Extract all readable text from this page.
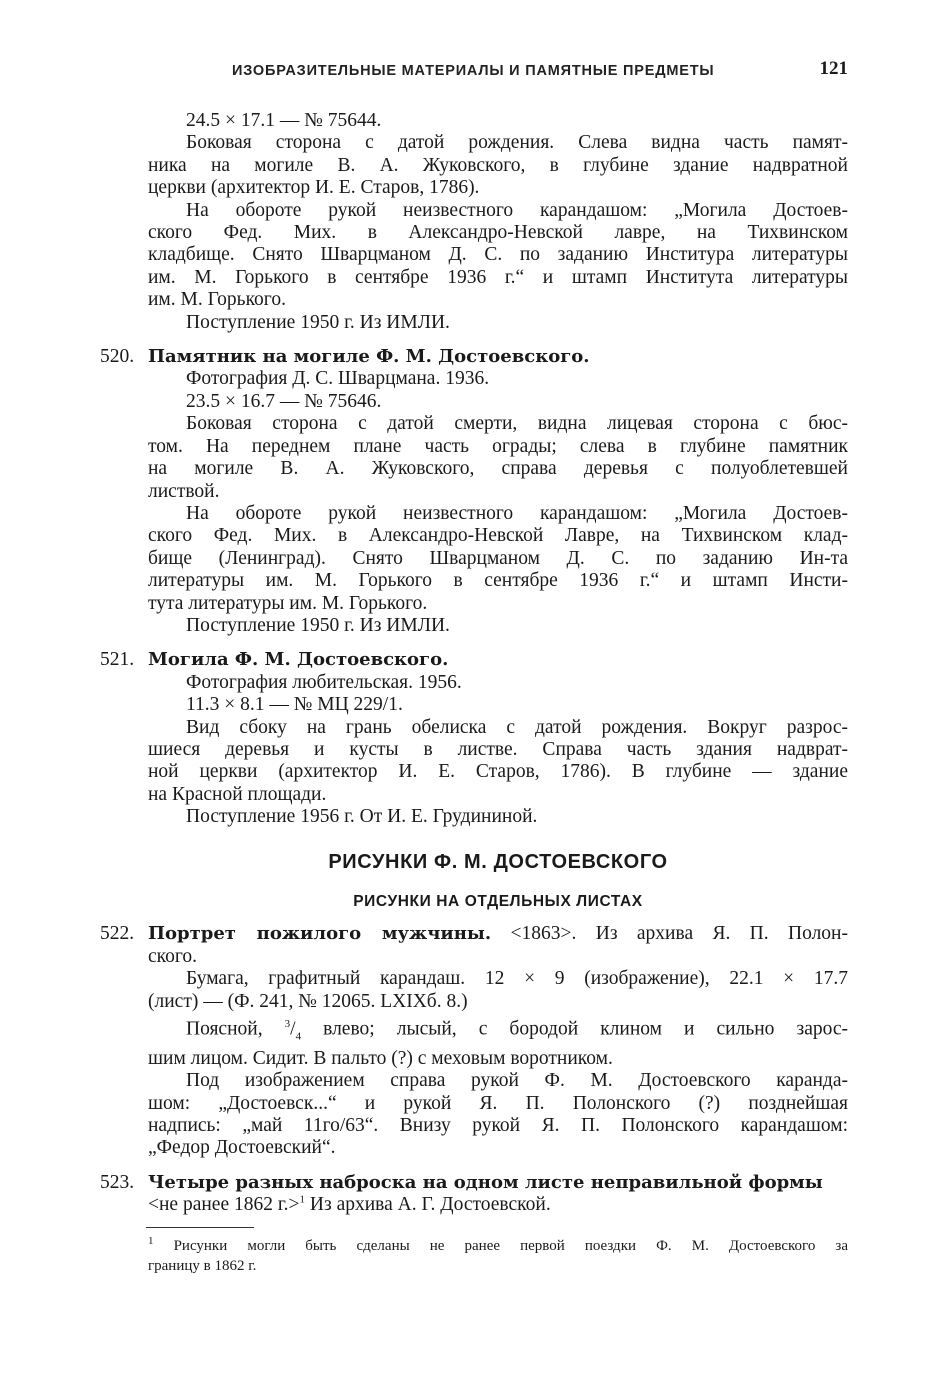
ИЗОБРАЗИТЕЛЬНЫЕ МАТЕРИАЛЫ И ПАМЯТНЫЕ ПРЕДМЕТЫ	121
24.5 × 17.1 — № 75644.
Боковая сторона с датой рождения. Слева видна часть памят-
ника на могиле В. А. Жуковского, в глубине здание надвратной
церкви (архитектор И. Е. Старов, 1786).
На обороте рукой неизвестного карандашом: „Могила Достоев-
ского Фед. Мих. в Александро-Невской лавре, на Тихвинском
кладбище. Снято Шварцманом Д. С. по заданию Институра литературы
им. М. Горького в сентябре 1936 г.“ и штамп Института литературы
им. М. Горького.
Поступление 1950 г. Из ИМЛИ.
520. Памятник на могиле Ф. М. Достоевского.
Фотография Д. С. Шварцмана. 1936.
23.5 × 16.7 — № 75646.
Боковая сторона с датой смерти, видна лицевая сторона с бюс-
том. На переднем плане часть ограды; слева в глубине памятник
на могиле В. А. Жуковского, справа деревья с полуоблетевшей
листвой.
На обороте рукой неизвестного карандашом: „Могила Достоев-
ского Фед. Мих. в Александро-Невской Лавре, на Тихвинском клад-
бище (Ленинград). Снято Шварцманом Д. С. по заданию Ин-та
литературы им. М. Горького в сентябре 1936 г.“ и штамп Инсти-
тута литературы им. М. Горького.
Поступление 1950 г. Из ИМЛИ.
521. Могила Ф. М. Достоевского.
Фотография любительская. 1956.
11.3 × 8.1 — № МЦ 229/1.
Вид сбоку на грань обелиска с датой рождения. Вокруг разрос-
шиеся деревья и кусты в листве. Справа часть здания надврат-
ной церкви (архитектор И. Е. Старов, 1786). В глубине — здание
на Красной площади.
Поступление 1956 г. От И. Е. Грудининой.
РИСУНКИ Ф. М. ДОСТОЕВСКОГО
РИСУНКИ НА ОТДЕЛЬНЫХ ЛИСТАХ
522. Портрет пожилого мужчины. <1863>. Из архива Я. П. Полон-
ского.
Бумага, графитный карандаш. 12 × 9 (изображение), 22.1 × 17.7
(лист) — (Ф. 241, № 12065. LXIXб. 8.)
Поясной, $^3/_4$ влево; лысый, с бородой клином и сильно зарос-
шим лицом. Сидит. В пальто (?) с меховым воротником.
Под изображением справа рукой Ф. М. Достоевского каранда-
шом: „Достоевск...“ и рукой Я. П. Полонского (?) позднейшая
надпись: „май 11го/63“. Внизу рукой Я. П. Полонского карандашом:
„Федор Достоевский“.
523. Четыре разных наброска на одном листе неправильной формы
<не ранее 1862 г.>$^1$ Из архива А. Г. Достоевской.
$^1$ Рисунки могли быть сделаны не ранее первой поездки Ф. М. Достоевского за
границу в 1862 г.
